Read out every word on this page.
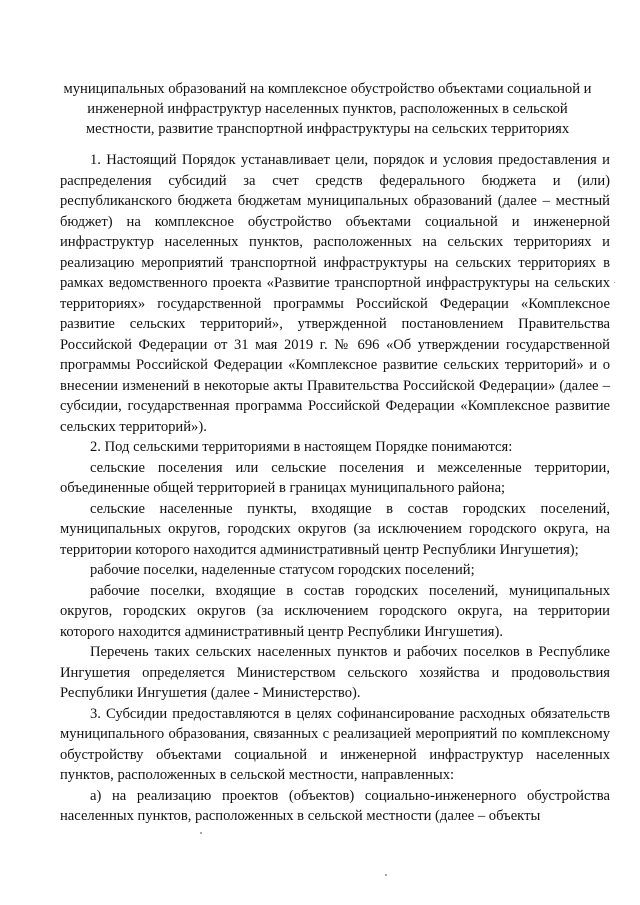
муниципальных образований на комплексное обустройство объектами социальной и
инженерной инфраструктур населенных пунктов, расположенных в сельской
местности, развитие транспортной инфраструктуры на сельских территориях

1. Настоящий Порядок устанавливает цели, порядок и условия предоставления и распределения субсидий за счет средств федерального бюджета и (или) республиканского бюджета бюджетам муниципальных образований (далее – местный бюджет) на комплексное обустройство объектами социальной и инженерной инфраструктур населенных пунктов, расположенных на сельских территориях и реализацию мероприятий транспортной инфраструктуры на сельских территориях в рамках ведомственного проекта «Развитие транспортной инфраструктуры на сельских территориях» государственной программы Российской Федерации «Комплексное развитие сельских территорий», утвержденной постановлением Правительства Российской Федерации от 31 мая 2019 г. № 696 «Об утверждении государственной программы Российской Федерации «Комплексное развитие сельских территорий» и о внесении изменений в некоторые акты Правительства Российской Федерации» (далее – субсидии, государственная программа Российской Федерации «Комплексное развитие сельских территорий»).

2. Под сельскими территориями в настоящем Порядке понимаются:

сельские поселения или сельские поселения и межселенные территории, объединенные общей территорией в границах муниципального района;

сельские населенные пункты, входящие в состав городских поселений, муниципальных округов, городских округов (за исключением городского округа, на территории которого находится административный центр Республики Ингушетия);

рабочие поселки, наделенные статусом городских поселений;

рабочие поселки, входящие в состав городских поселений, муниципальных округов, городских округов (за исключением городского округа, на территории которого находится административный центр Республики Ингушетия).

Перечень таких сельских населенных пунктов и рабочих поселков в Республике Ингушетия определяется Министерством сельского хозяйства и продовольствия Республики Ингушетия (далее - Министерство).

3. Субсидии предоставляются в целях софинансирование расходных обязательств муниципального образования, связанных с реализацией мероприятий по комплексному обустройству объектами социальной и инженерной инфраструктур населенных пунктов, расположенных в сельской местности, направленных:

а) на реализацию проектов (объектов) социально-инженерного обустройства населенных пунктов, расположенных в сельской местности (далее – объекты
